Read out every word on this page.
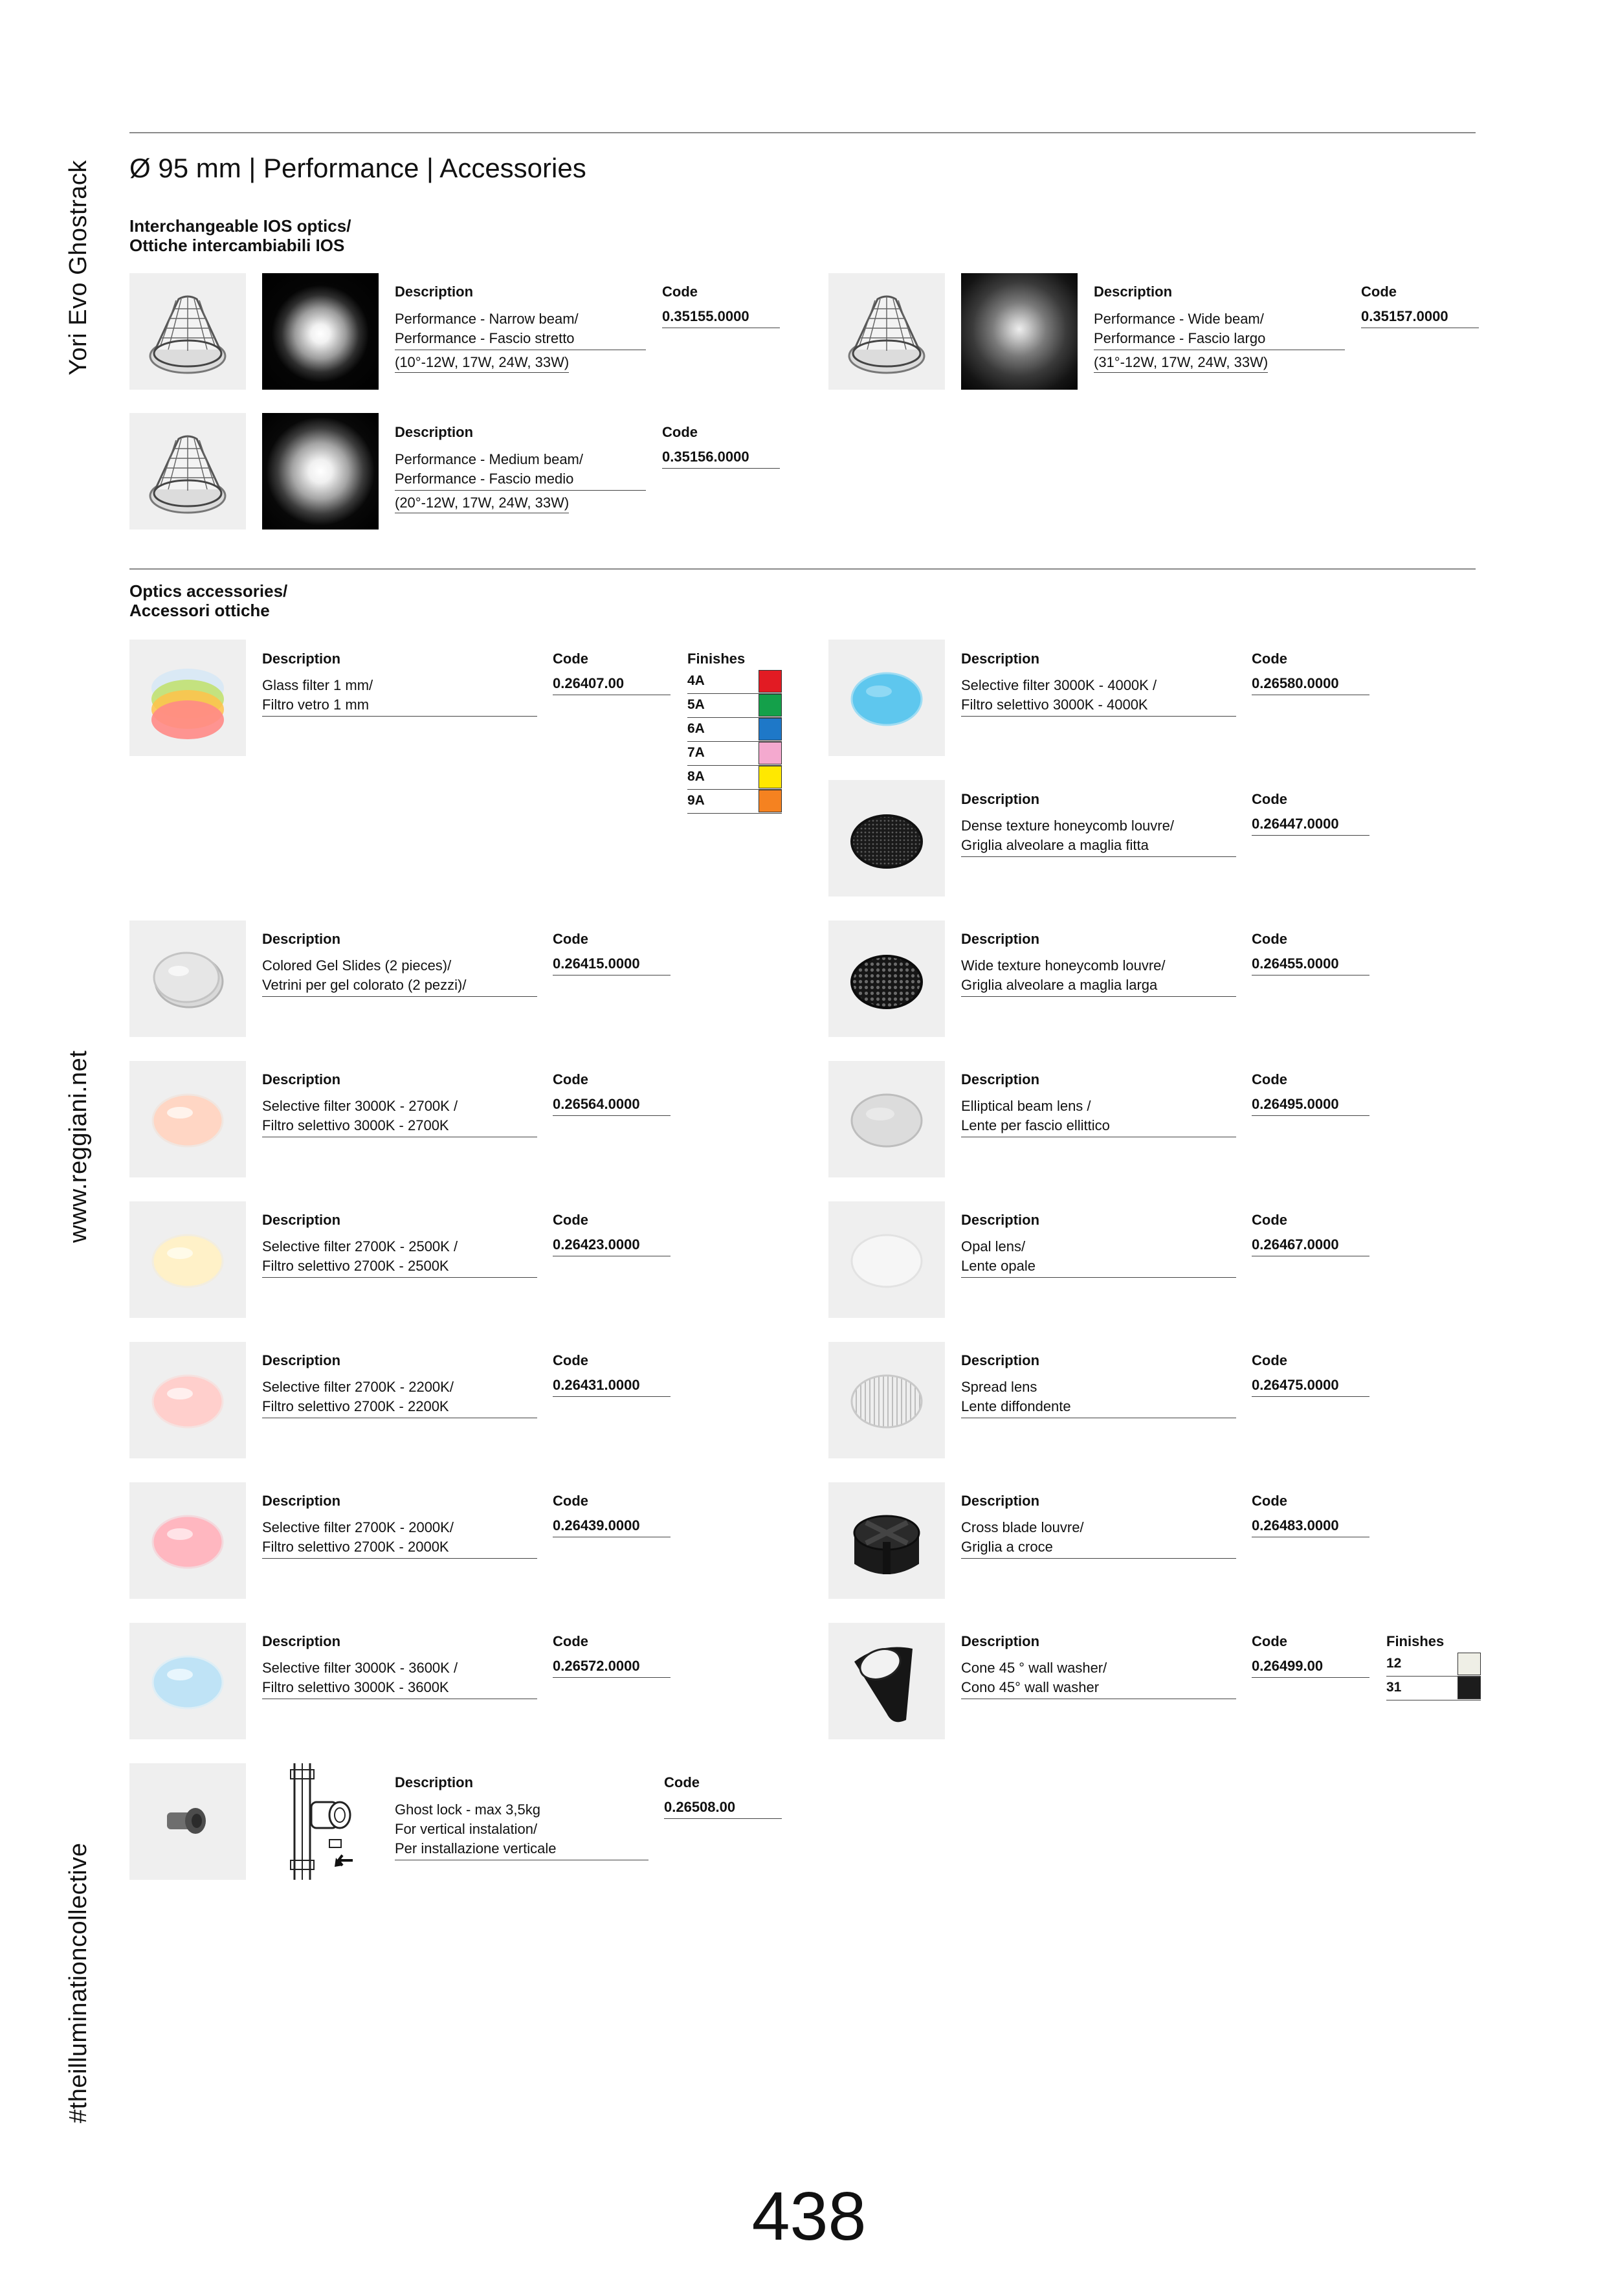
Yori Evo Ghostrack
www.reggiani.net
#theilluminationcollective
Ø 95 mm | Performance | Accessories
Interchangeable IOS optics/
Ottiche intercambiabili IOS
Description
Performance - Narrow beam/
Performance - Fascio stretto
(10°-12W, 17W, 24W, 33W)
Code
0.35155.0000
Description
Performance - Wide beam/
Performance - Fascio largo
(31°-12W, 17W, 24W, 33W)
Code
0.35157.0000
Description
Performance - Medium beam/
Performance - Fascio medio
(20°-12W, 17W, 24W, 33W)
Code
0.35156.0000
Optics accessories/
Accessori ottiche
Description
Glass filter 1 mm/
Filtro vetro 1 mm
Code
0.26407.00
Finishes
4A
5A
6A
7A
8A
9A
Description
Colored Gel Slides (2 pieces)/
Vetrini per gel colorato (2 pezzi)/
Code
0.26415.0000
Description
Selective filter 3000K - 2700K /
Filtro selettivo 3000K - 2700K
Code
0.26564.0000
Description
Selective filter 2700K - 2500K /
Filtro selettivo 2700K - 2500K
Code
0.26423.0000
Description
Selective filter 2700K - 2200K/
Filtro selettivo 2700K - 2200K
Code
0.26431.0000
Description
Selective filter 2700K - 2000K/
Filtro selettivo 2700K - 2000K
Code
0.26439.0000
Description
Selective filter 3000K - 3600K /
Filtro selettivo 3000K - 3600K
Code
0.26572.0000
Description
Ghost lock - max 3,5kg
For vertical instalation/
Per installazione verticale
Code
0.26508.00
Description
Selective filter 3000K - 4000K /
Filtro selettivo 3000K - 4000K
Code
0.26580.0000
Description
Dense texture honeycomb louvre/
Griglia alveolare a maglia fitta
Code
0.26447.0000
Description
Wide texture honeycomb louvre/
Griglia alveolare a maglia larga
Code
0.26455.0000
Description
Elliptical beam lens /
Lente per fascio ellittico
Code
0.26495.0000
Description
Opal lens/
Lente opale
Code
0.26467.0000
Description
Spread lens
Lente diffondente
Code
0.26475.0000
Description
Cross blade louvre/
Griglia a croce
Code
0.26483.0000
Description
Cone 45 ° wall washer/
Cono 45° wall washer
Code
0.26499.00
Finishes
12
31
438
